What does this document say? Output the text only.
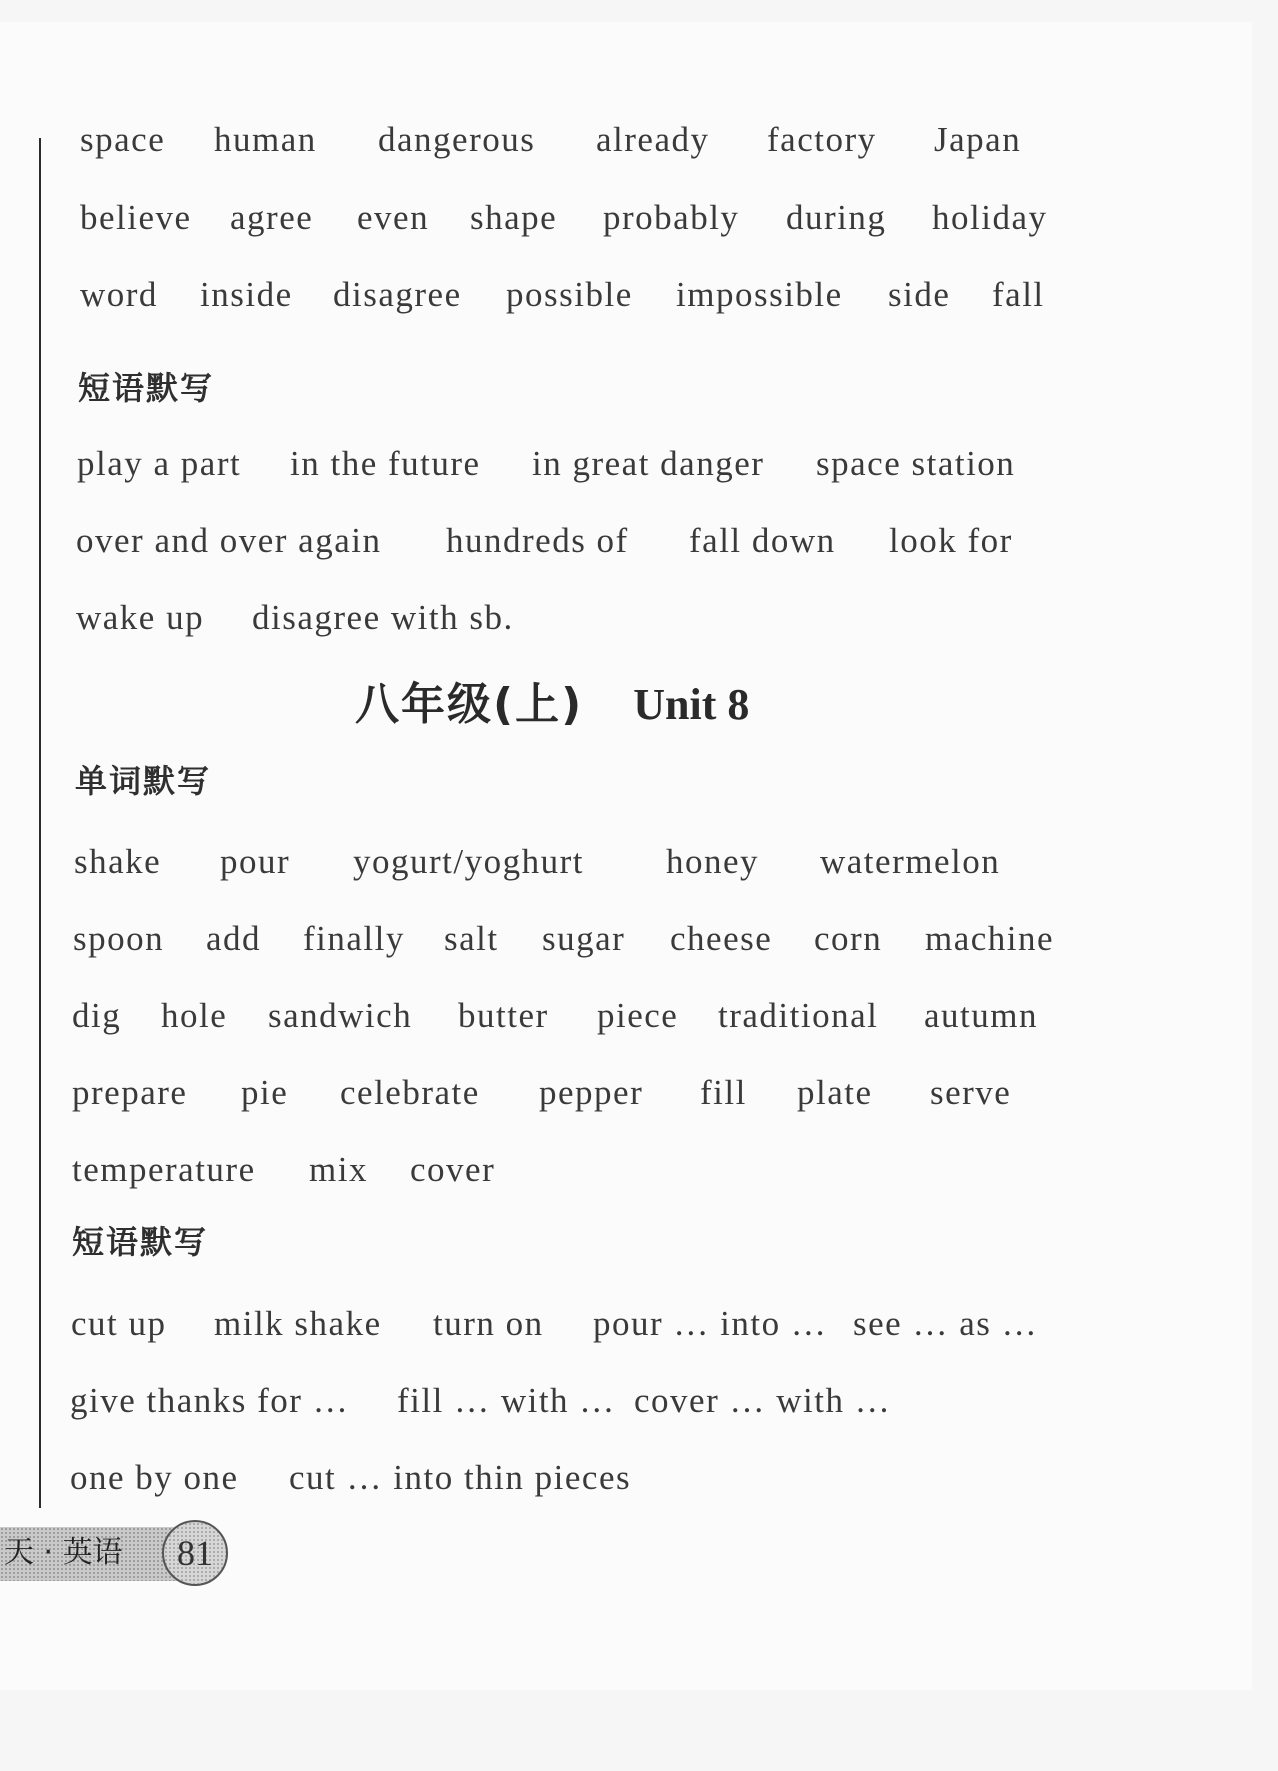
space human dangerous already factory Japan
believe agree even shape probably during holiday
word inside disagree possible impossible side fall
短语默写
play a part in the future in great danger space station
over and over again hundreds of fall down look for
wake up disagree with sb.
八年级(上) Unit 8
单词默写
shake pour yogurt/yoghurt honey watermelon
spoon add finally salt sugar cheese corn machine
dig hole sandwich butter piece traditional autumn
prepare pie celebrate pepper fill plate serve
temperature mix cover
短语默写
cut up milk shake turn on pour … into … see … as …
give thanks for … fill … with … cover … with …
one by one cut … into thin pieces
天 · 英语 81
